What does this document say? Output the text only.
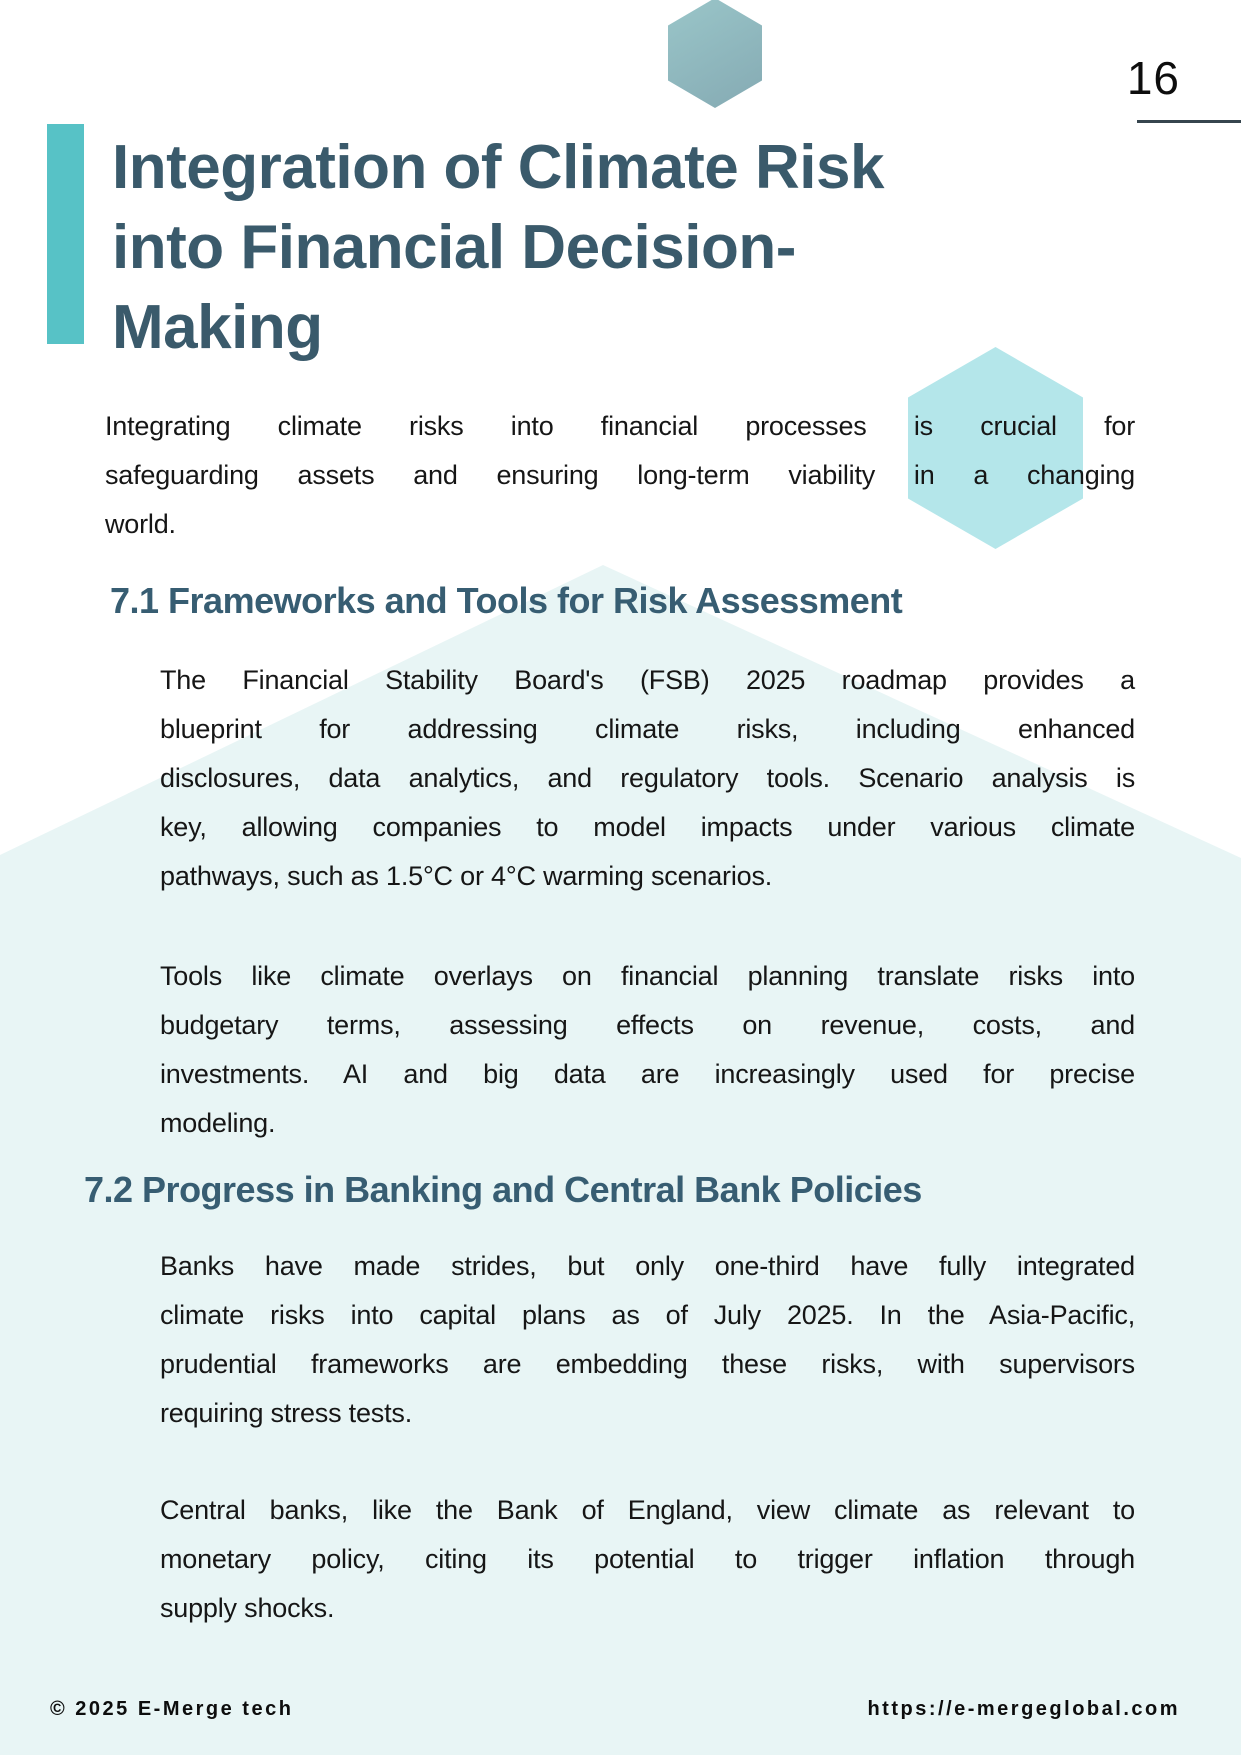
16
Integration of Climate Risk
into Financial Decision-
Making
Integrating climate risks into financial processes is crucial for
safeguarding assets and ensuring long-term viability in a changing
world.
7.1 Frameworks and Tools for Risk Assessment
The Financial Stability Board's (FSB) 2025 roadmap provides a
blueprint for addressing climate risks, including enhanced
disclosures, data analytics, and regulatory tools. Scenario analysis is
key, allowing companies to model impacts under various climate
pathways, such as 1.5°C or 4°C warming scenarios.
Tools like climate overlays on financial planning translate risks into
budgetary terms, assessing effects on revenue, costs, and
investments. AI and big data are increasingly used for precise
modeling.
7.2 Progress in Banking and Central Bank Policies
Banks have made strides, but only one-third have fully integrated
climate risks into capital plans as of July 2025. In the Asia-Pacific,
prudential frameworks are embedding these risks, with supervisors
requiring stress tests.
Central banks, like the Bank of England, view climate as relevant to
monetary policy, citing its potential to trigger inflation through
supply shocks.
© 2025 E-Merge tech	https://e-mergeglobal.com
